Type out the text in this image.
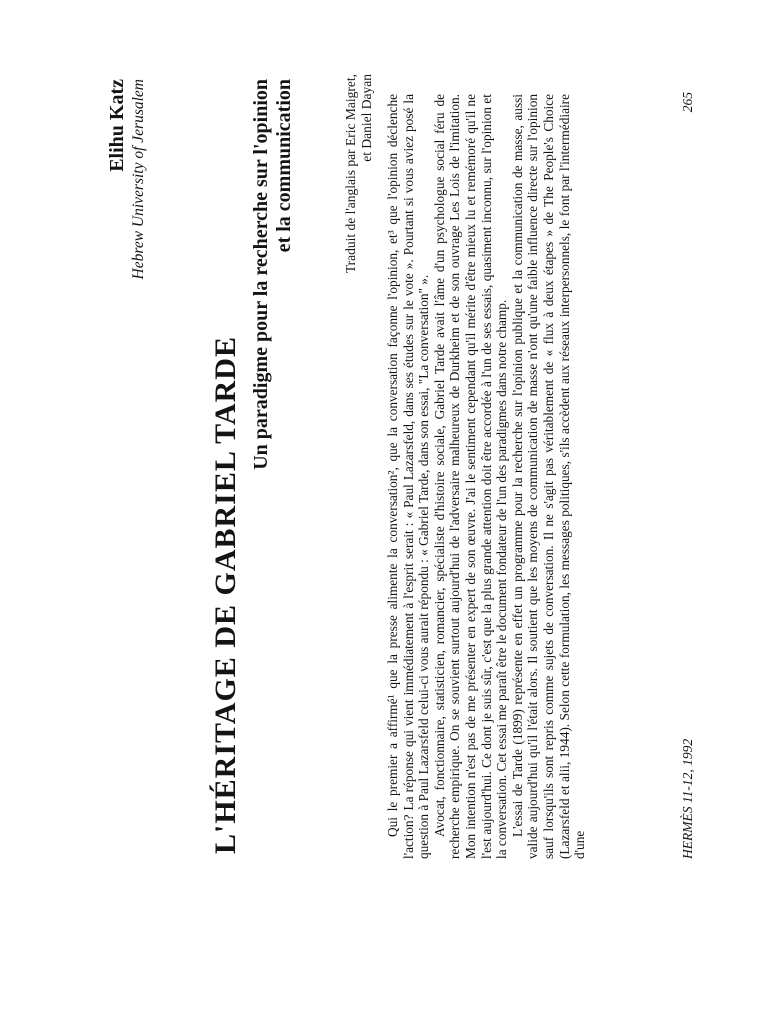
Elihu Katz Hebrew University of Jerusalem
L'HÉRITAGE DE GABRIEL TARDE
Un paradigme pour la recherche sur l'opinion et la communication	Traduit de l'anglais par Eric Maigret, et Daniel Dayan Qui le premier a affirmé¹ que la presse alimente la conversation², que la conversation façonne l'opinion, et³ que l'opinion déclenche l'action? La réponse qui vient immédiatement à l'esprit serait : « Paul Lazarsfeld, dans ses études sur le vote ». Pourtant si vous aviez posé la question à Paul Lazarsfeld celui-ci vous aurait répondu : « Gabriel Tarde, dans son essai, "La conversation" ». Avocat, fonctionnaire, statisticien, romancier, spécialiste d'histoire sociale, Gabriel Tarde avait l'âme d'un psychologue social féru de recherche empirique. On se souvient surtout aujourd'hui de l'adversaire malheureux de Durkheim et de son ouvrage Les Lois de l'imitation. Mon intention n'est pas de me présenter en expert de son œuvre. J'ai le sentiment cependant qu'il mérite d'être mieux lu et remémoré qu'il ne l'est aujourd'hui. Ce dont je suis sûr, c'est que la plus grande attention doit être accordée à l'un de ses essais, quasiment inconnu, sur l'opinion et la conversation. Cet essai me paraît être le document fondateur de l'un des paradigmes dans notre champ. L'essai de Tarde (1899) représente en effet un programme pour la recherche sur l'opinion publique et la communication de masse, aussi valide aujourd'hui qu'il l'était alors. Il soutient que les moyens de communication de masse n'ont qu'une faible influence directe sur l'opinion sauf lorsqu'ils sont repris comme sujets de conversation. Il ne s'agit pas véritablement de « flux à deux étapes » de The People's Choice (Lazarsfeld et alii, 1944). Selon cette formulation, les messages politiques, s'ils accèdent aux réseaux interpersonnels, le font par l'intermédiaire d'une	HERMÈS 11-12, 1992
265
